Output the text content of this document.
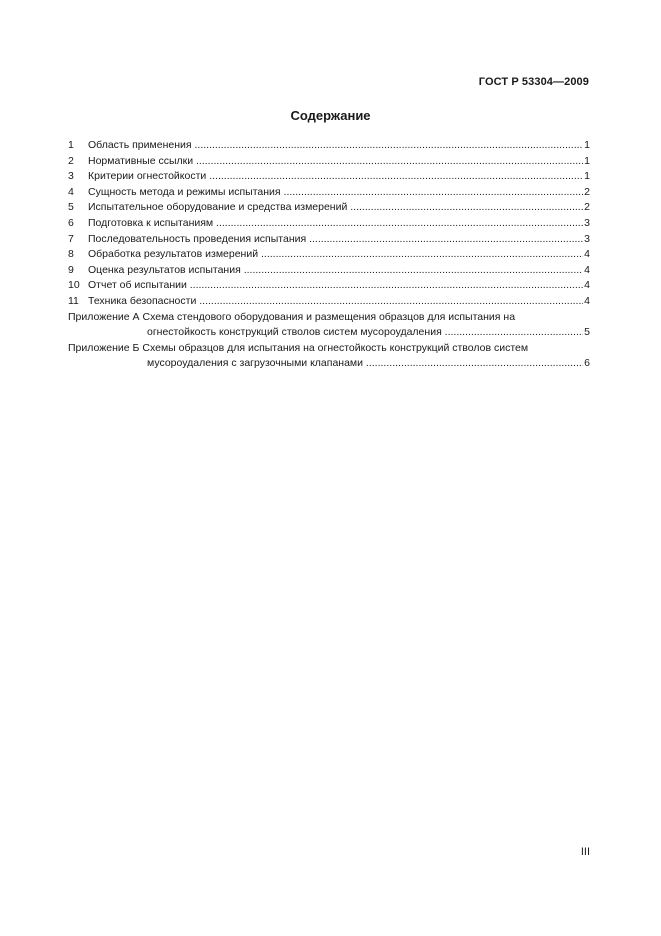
ГОСТ Р 53304—2009
Содержание
1	Область применения .....	1
2	Нормативные ссылки .....	1
3	Критерии огнестойкости .....	1
4	Сущность метода и режимы испытания .....	2
5	Испытательное оборудование и средства измерений .....	2
6	Подготовка к испытаниям .....	3
7	Последовательность проведения испытания .....	3
8	Обработка результатов измерений .....	4
9	Оценка результатов испытания .....	4
10 Отчет об испытании .....	4
11 Техника безопасности .....	4
Приложение А Схема стендового оборудования и размещения образцов для испытания на
огнестойкость конструкций стволов систем мусороудаления .....	5
Приложение Б Схемы образцов для испытания на огнестойкость конструкций стволов систем
мусороудаления с загрузочными клапанами .....	6
III
